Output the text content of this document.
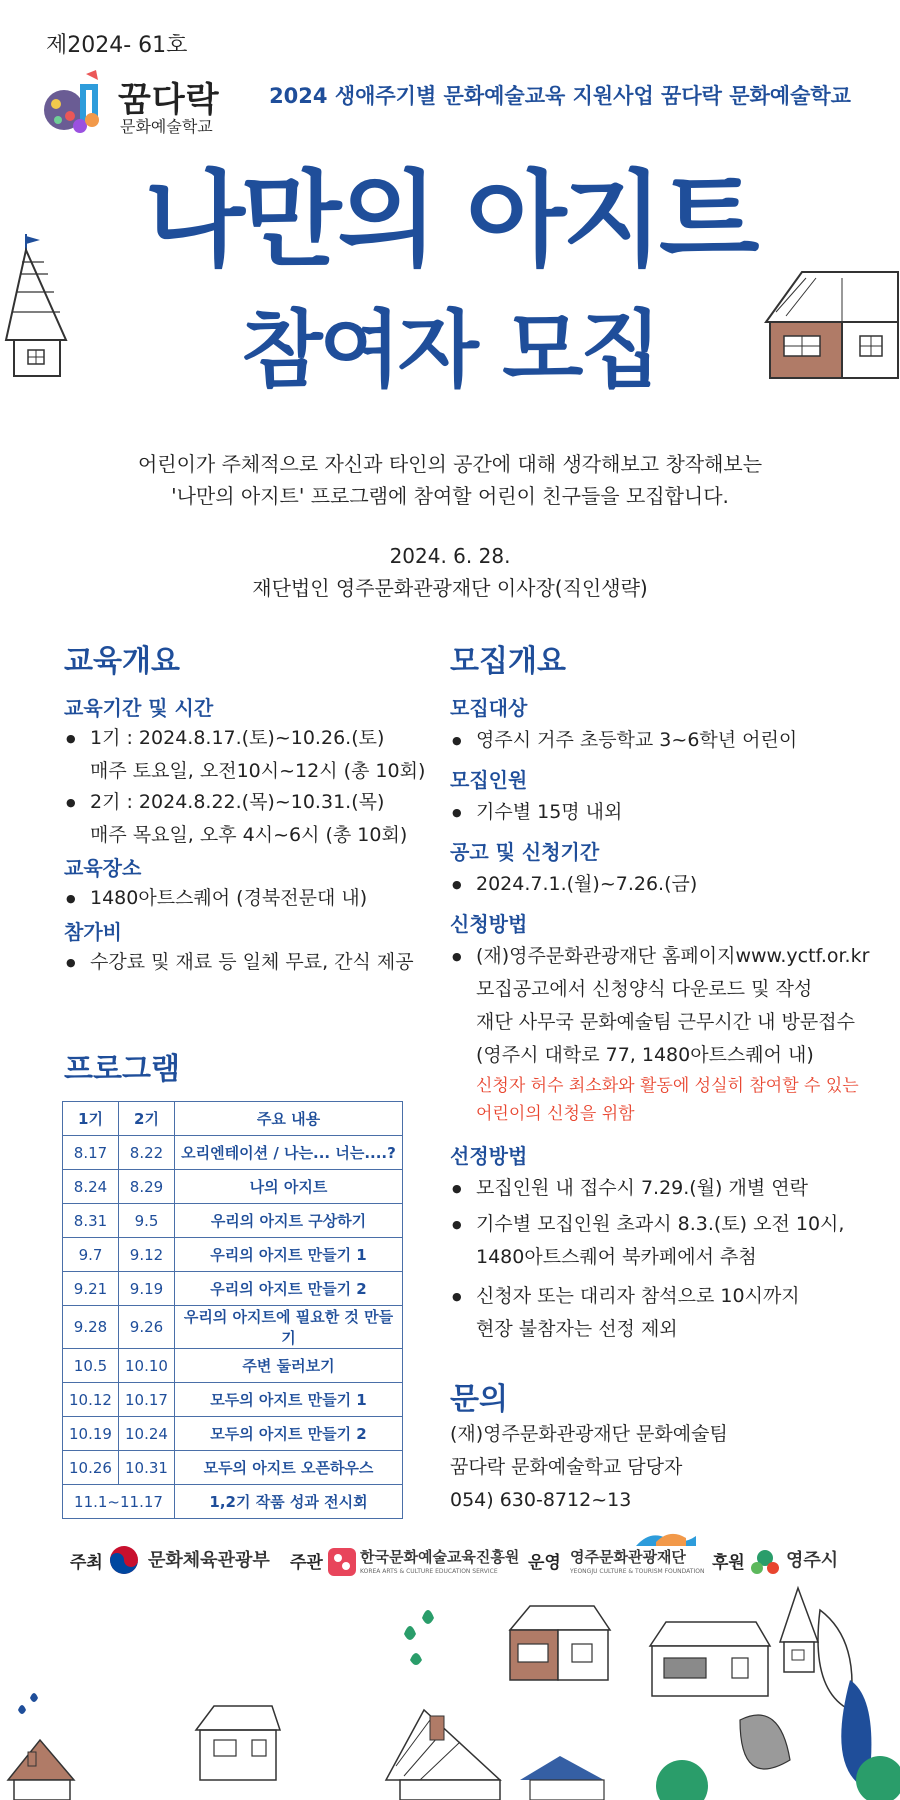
제2024- 61호
꿈다락
문화예술학교
2024 생애주기별 문화예술교육 지원사업 꿈다락 문화예술학교
나만의 아지트
참여자 모집
어린이가 주체적으로 자신과 타인의 공간에 대해 생각해보고 창작해보는
'나만의 아지트' 프로그램에 참여할 어린이 친구들을 모집합니다.
2024. 6. 28.
재단법인 영주문화관광재단 이사장(직인생략)
교육개요
교육기간 및 시간
● 1기 : 2024.8.17.(토)~10.26.(토)
매주 토요일, 오전10시~12시 (총 10회)
● 2기 : 2024.8.22.(목)~10.31.(목)
매주 목요일, 오후 4시~6시 (총 10회)
교육장소
● 1480아트스퀘어 (경북전문대 내)
참가비
● 수강료 및 재료 등 일체 무료, 간식 제공
프로그램
1기	2기	주요 내용
8.17	8.22	오리엔테이션 / 나는... 너는....?
8.24	8.29	나의 아지트
8.31	9.5	우리의 아지트 구상하기
9.7	9.12	우리의 아지트 만들기 1
9.21	9.19	우리의 아지트 만들기 2
9.28	9.26	우리의 아지트에 필요한 것 만들기
10.5	10.10	주변 둘러보기
10.12	10.17	모두의 아지트 만들기 1
10.19	10.24	모두의 아지트 만들기 2
10.26	10.31	모두의 아지트 오픈하우스
11.1~11.17		1,2기 작품 성과 전시회
모집개요
모집대상
● 영주시 거주 초등학교 3~6학년 어린이
모집인원
● 기수별 15명 내외
공고 및 신청기간
● 2024.7.1.(월)~7.26.(금)
신청방법
● (재)영주문화관광재단 홈페이지www.yctf.or.kr
모집공고에서 신청양식 다운로드 및 작성
재단 사무국 문화예술팀 근무시간 내 방문접수
(영주시 대학로 77, 1480아트스퀘어 내)
신청자 허수 최소화와 활동에 성실히 참여할 수 있는
어린이의 신청을 위함
선정방법
● 모집인원 내 접수시 7.29.(월) 개별 연락
● 기수별 모집인원 초과시 8.3.(토) 오전 10시,
1480아트스퀘어 북카페에서 추첨
● 신청자 또는 대리자 참석으로 10시까지
현장 불참자는 선정 제외
문의
(재)영주문화관광재단 문화예술팀
꿈다락 문화예술학교 담당자
054) 630-8712~13
주최	문화체육관광부 주관 한국문화예술교육진흥원
KOREA ARTS & CULTURE EDUCATION SERVICE 운영 영주문화관광재단
YEONGJU CULTURE & TOURISM FOUNDATION 후원 영주시
